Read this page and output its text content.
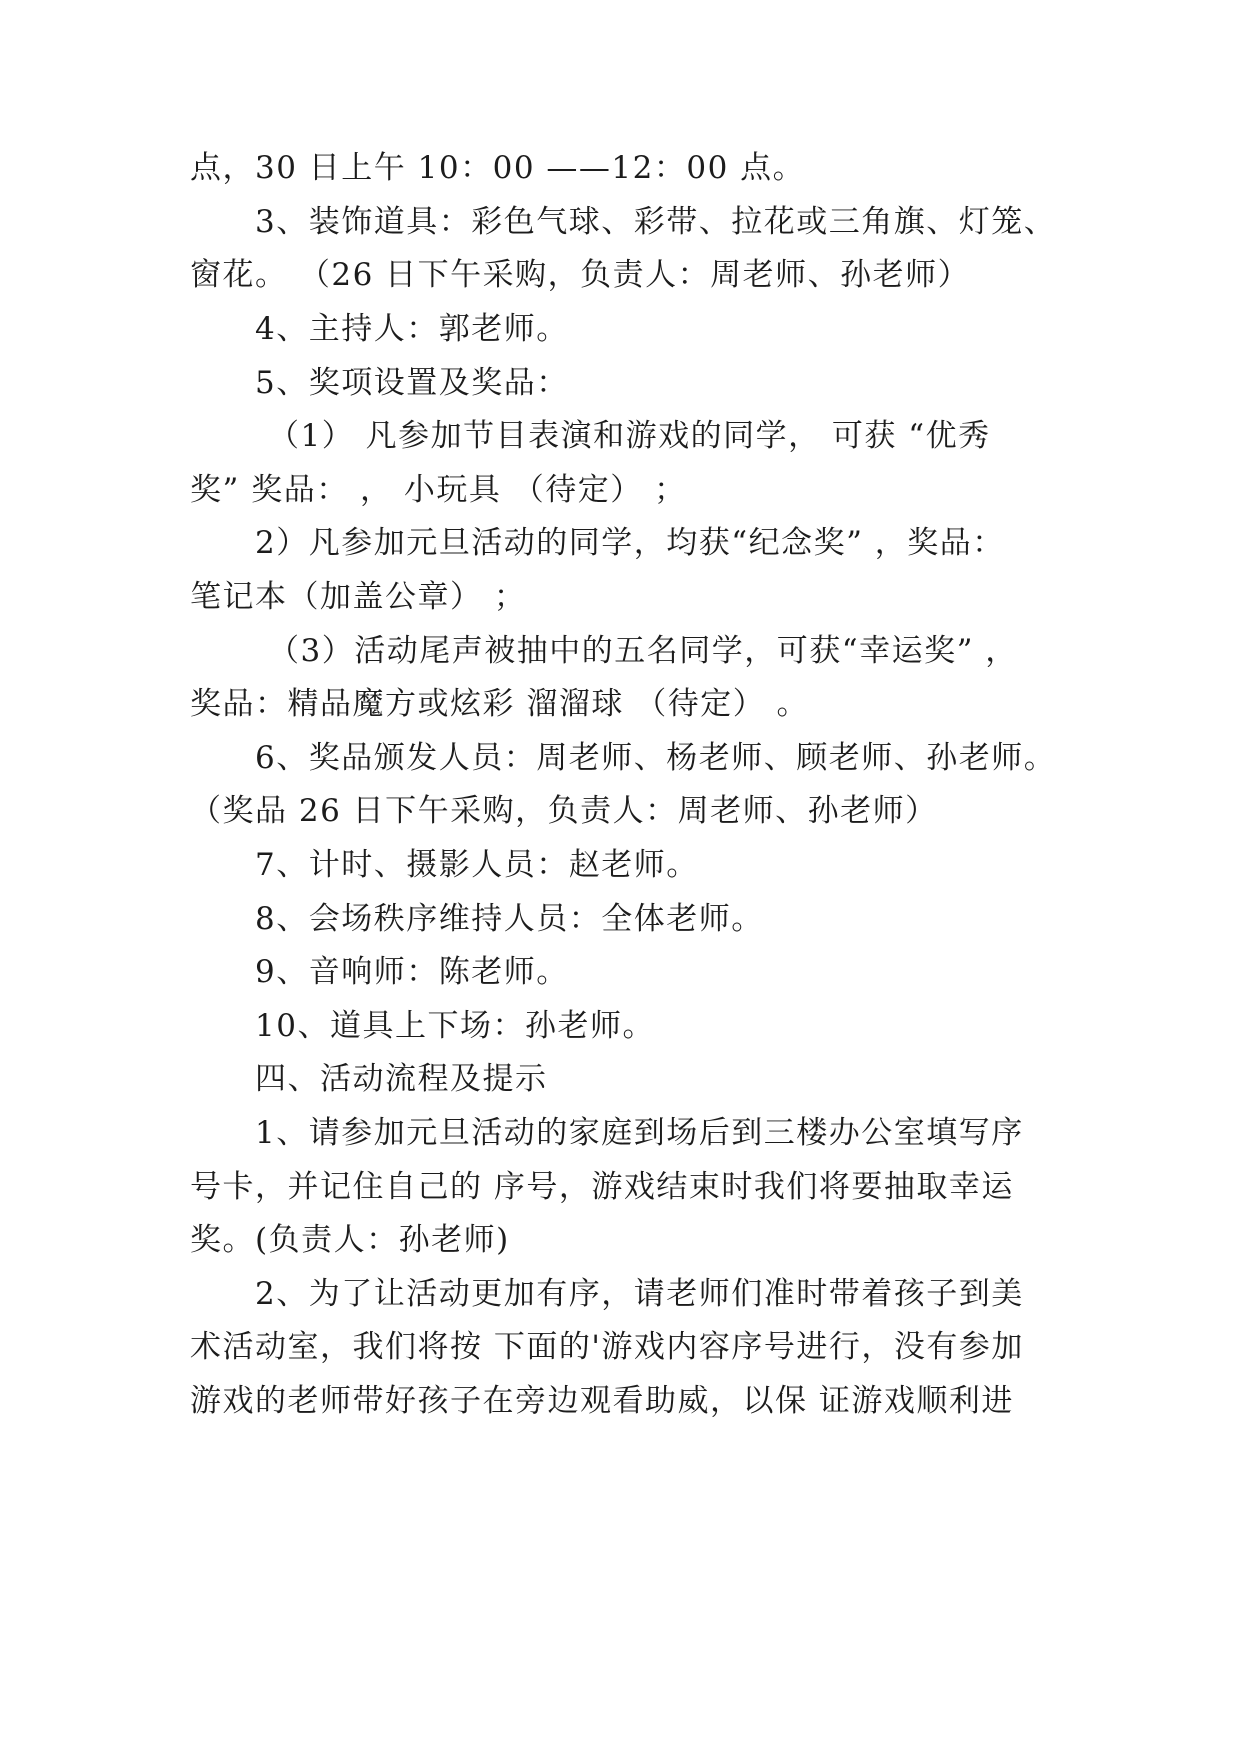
点，30 日上午 10：00 ——12：00 点。
3、装饰道具：彩色气球、彩带、拉花或三角旗、灯笼、
窗花。 （26 日下午采购，负责人：周老师、孙老师）
4、主持人：郭老师。
5、奖项设置及奖品：
（1） 凡参加节目表演和游戏的同学， 可获 “优秀
奖” 奖品： ， 小玩具 （待定） ；
2）凡参加元旦活动的同学，均获“纪念奖” ，奖品：
笔记本（加盖公章） ；
（3）活动尾声被抽中的五名同学，可获“幸运奖” ，
奖品：精品魔方或炫彩 溜溜球 （待定） 。
6、奖品颁发人员：周老师、杨老师、顾老师、孙老师。
（奖品 26 日下午采购，负责人：周老师、孙老师）
7、计时、摄影人员：赵老师。
8、会场秩序维持人员：全体老师。
9、音响师：陈老师。
10、道具上下场：孙老师。
四、活动流程及提示
1、请参加元旦活动的家庭到场后到三楼办公室填写序
号卡，并记住自己的 序号，游戏结束时我们将要抽取幸运
奖。(负责人：孙老师)
2、为了让活动更加有序，请老师们准时带着孩子到美
术活动室，我们将按 下面的'游戏内容序号进行，没有参加
游戏的老师带好孩子在旁边观看助威，以保 证游戏顺利进
